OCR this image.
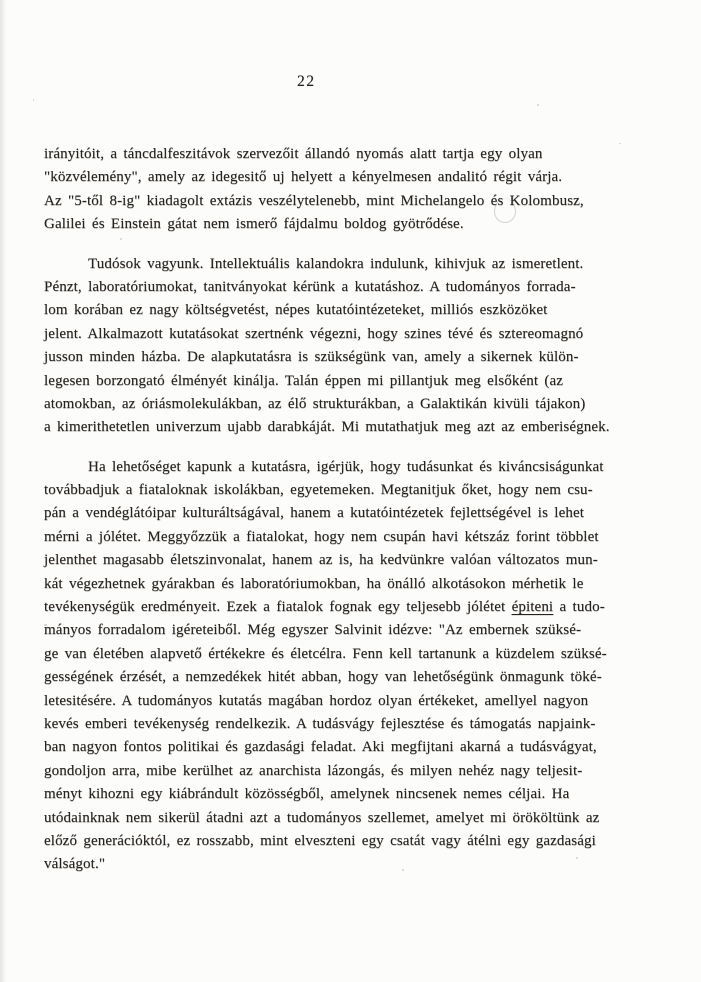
22
irányitóit, a táncdalfeszitávok szervezőit állandó nyomás alatt tartja egy olyan
"közvélemény", amely az idegesitő uj helyett a kényelmesen andalitó régit várja.
Az "5-től 8-ig" kiadagolt extázis veszélytelenebb, mint Michelangelo és Kolombusz,
Galilei és Einstein gátat nem ismerő fájdalmu boldog gyötrődése.
Tudósok vagyunk. Intellektuális kalandokra indulunk, kihivjuk az ismeretlent.
Pénzt, laboratóriumokat, tanitványokat kérünk a kutatáshoz. A tudományos forrada-
lom korában ez nagy költségvetést, népes kutatóintézeteket, milliós eszközöket
jelent. Alkalmazott kutatásokat szertnénk végezni, hogy szines tévé és sztereomagnó
jusson minden házba. De alapkutatásra is szükségünk van, amely a sikernek külön-
legesen borzongató élményét kinálja. Talán éppen mi pillantjuk meg elsőként (az
atomokban, az óriásmolekulákban, az élő strukturákban, a Galaktikán kivüli tájakon)
a kimerithetetlen univerzum ujabb darabkáját. Mi mutathatjuk meg azt az emberiségnek.
Ha lehetőséget kapunk a kutatásra, igérjük, hogy tudásunkat és kiváncsiságunkat
továbbadjuk a fiataloknak iskolákban, egyetemeken. Megtanitjuk őket, hogy nem csu-
pán a vendéglátóipar kulturáltságával, hanem a kutatóintézetek fejlettségével is lehet
mérni a jólétet. Meggyőzzük a fiatalokat, hogy nem csupán havi kétszáz forint többlet
jelenthet magasabb életszinvonalat, hanem az is, ha kedvünkre valóan változatos mun-
kát végezhetnek gyárakban és laboratóriumokban, ha önálló alkotásokon mérhetik le
tevékenységük eredményeit. Ezek a fiatalok fognak egy teljesebb jólétet épiteni a tudo-
mányos forradalom igéreteiből. Még egyszer Salvinit idézve: "Az embernek szüksé-
ge van életében alapvető értékekre és életcélra. Fenn kell tartanunk a küzdelem szüksé-
gességének érzését, a nemzedékek hitét abban, hogy van lehetőségünk önmagunk töké-
letesitésére. A tudományos kutatás magában hordoz olyan értékeket, amellyel nagyon
kevés emberi tevékenység rendelkezik. A tudásvágy fejlesztése és támogatás napjaink-
ban nagyon fontos politikai és gazdasági feladat. Aki megfijtani akarná a tudásvágyat,
gondoljon arra, mibe kerülhet az anarchista lázongás, és milyen nehéz nagy teljesit-
ményt kihozni egy kiábrándult közösségből, amelynek nincsenek nemes céljai. Ha
utódainknak nem sikerül átadni azt a tudományos szellemet, amelyet mi örököltünk az
előző generációktól, ez rosszabb, mint elveszteni egy csatát vagy átélni egy gazdasági
válságot."
